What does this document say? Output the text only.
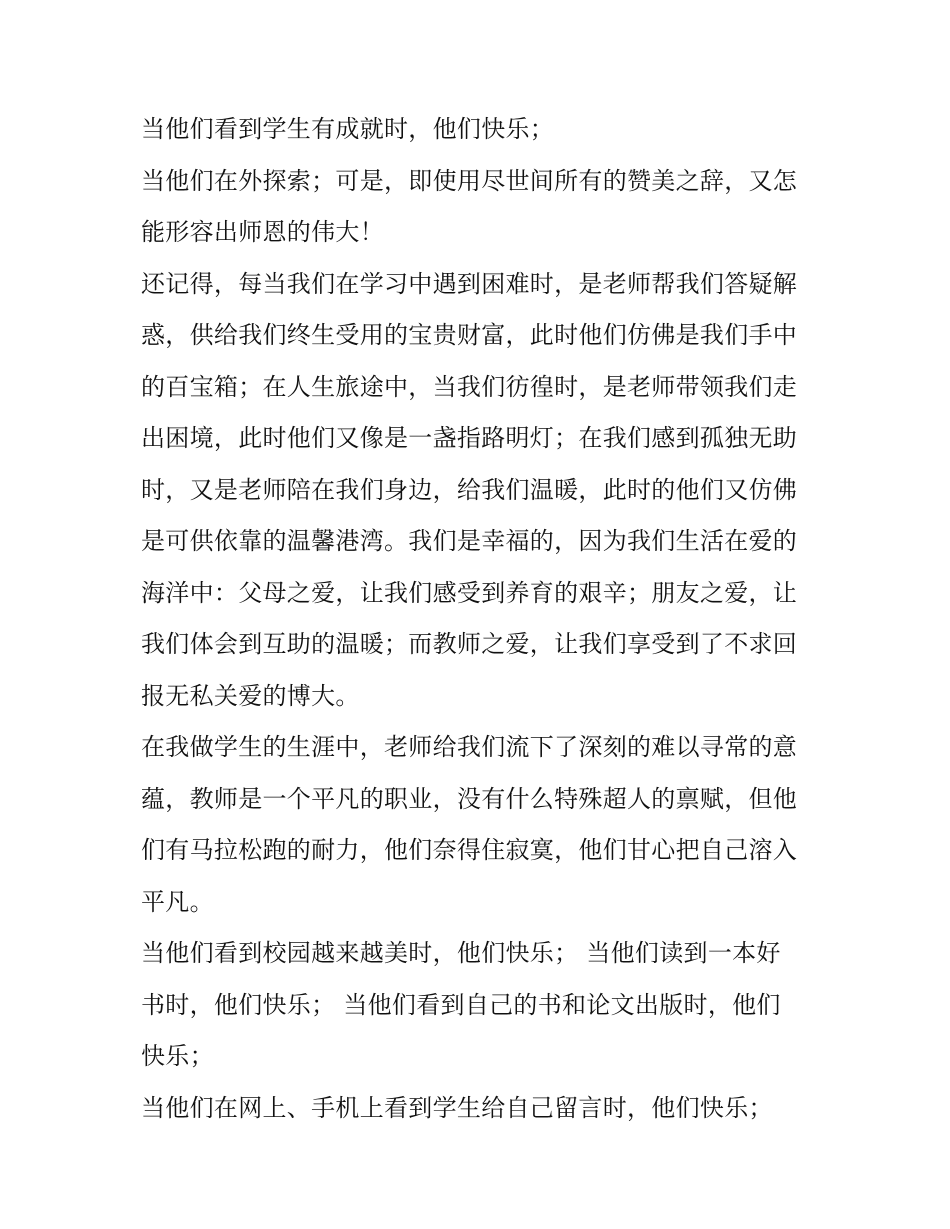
当他们看到学生有成就时，他们快乐；
当他们在外探索；可是，即使用尽世间所有的赞美之辞，又怎
能形容出师恩的伟大！
还记得，每当我们在学习中遇到困难时，是老师帮我们答疑解
惑，供给我们终生受用的宝贵财富，此时他们仿佛是我们手中
的百宝箱；在人生旅途中，当我们彷徨时，是老师带领我们走
出困境，此时他们又像是一盏指路明灯；在我们感到孤独无助
时，又是老师陪在我们身边，给我们温暖，此时的他们又仿佛
是可供依靠的温馨港湾。我们是幸福的，因为我们生活在爱的
海洋中：父母之爱，让我们感受到养育的艰辛；朋友之爱，让
我们体会到互助的温暖；而教师之爱，让我们享受到了不求回
报无私关爱的博大。
在我做学生的生涯中，老师给我们流下了深刻的难以寻常的意
蕴，教师是一个平凡的职业，没有什么特殊超人的禀赋，但他
们有马拉松跑的耐力，他们奈得住寂寞，他们甘心把自己溶入
平凡。
当他们看到校园越来越美时，他们快乐； 当他们读到一本好
书时，他们快乐； 当他们看到自己的书和论文出版时，他们
快乐；
当他们在网上、手机上看到学生给自己留言时，他们快乐；
